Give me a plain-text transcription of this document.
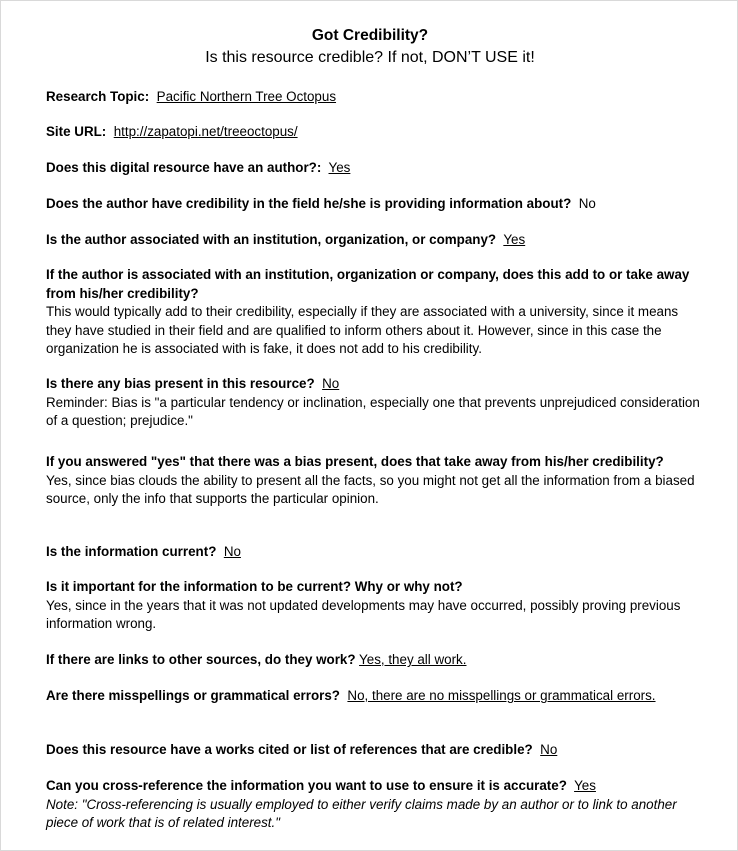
Got Credibility?
Is this resource credible? If not, DON’T USE it!
Research Topic: Pacific Northern Tree Octopus
Site URL: http://zapatopi.net/treeoctopus/
Does this digital resource have an author?: Yes
Does the author have credibility in the field he/she is providing information about? No
Is the author associated with an institution, organization, or company? Yes
If the author is associated with an institution, organization or company, does this add to or take away from his/her credibility?
This would typically add to their credibility, especially if they are associated with a university, since it means they have studied in their field and are qualified to inform others about it. However, since in this case the organization he is associated with is fake, it does not add to his credibility.
Is there any bias present in this resource? No
Reminder: Bias is "a particular tendency or inclination, especially one that prevents unprejudiced consideration of a question; prejudice."
If you answered "yes" that there was a bias present, does that take away from his/her credibility?
Yes, since bias clouds the ability to present all the facts, so you might not get all the information from a biased source, only the info that supports the particular opinion.
Is the information current? No
Is it important for the information to be current? Why or why not?
Yes, since in the years that it was not updated developments may have occurred, possibly proving previous information wrong.
If there are links to other sources, do they work? Yes, they all work.
Are there misspellings or grammatical errors? No, there are no misspellings or grammatical errors.
Does this resource have a works cited or list of references that are credible? No
Can you cross-reference the information you want to use to ensure it is accurate? Yes
Note: "Cross-referencing is usually employed to either verify claims made by an author or to link to another piece of work that is of related interest."
